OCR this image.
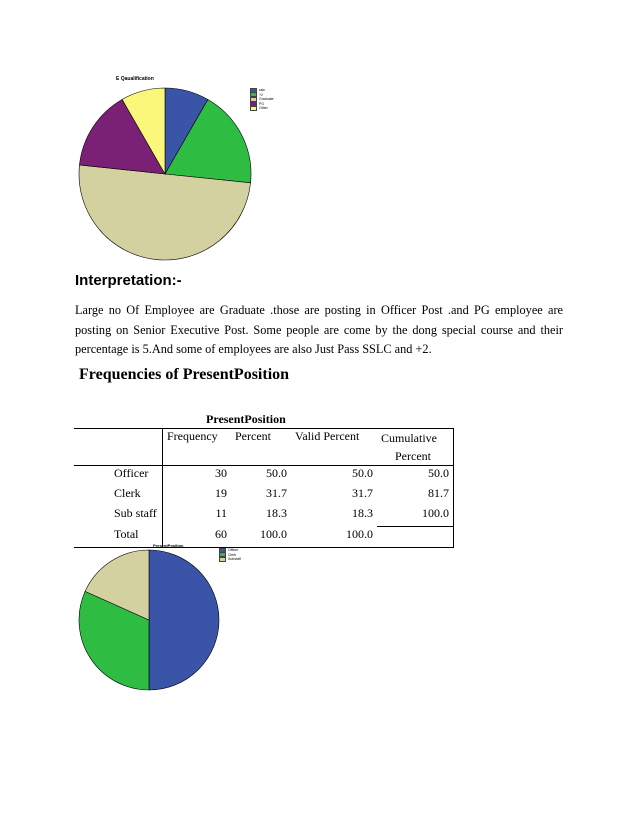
E Qaualification
sslc
+2
Graduate
PG
Other
Interpretation:-
Large no Of Employee are Graduate .those are posting in Officer Post .and PG employee are posting on Senior Executive Post. Some people are come by the dong special course and their percentage is 5.And some of employees are also Just Pass SSLC and +2.
Frequencies of PresentPosition
PresentPosition
	Frequency	Percent	Valid Percent	Cumulative
Percent
Officer	30	50.0	50.0	50.0
Clerk	19	31.7	31.7	81.7
Sub staff	11	18.3	18.3	100.0
Total	60	100.0	100.0	
PresentPosition
Officer
Clerk
Substaff
